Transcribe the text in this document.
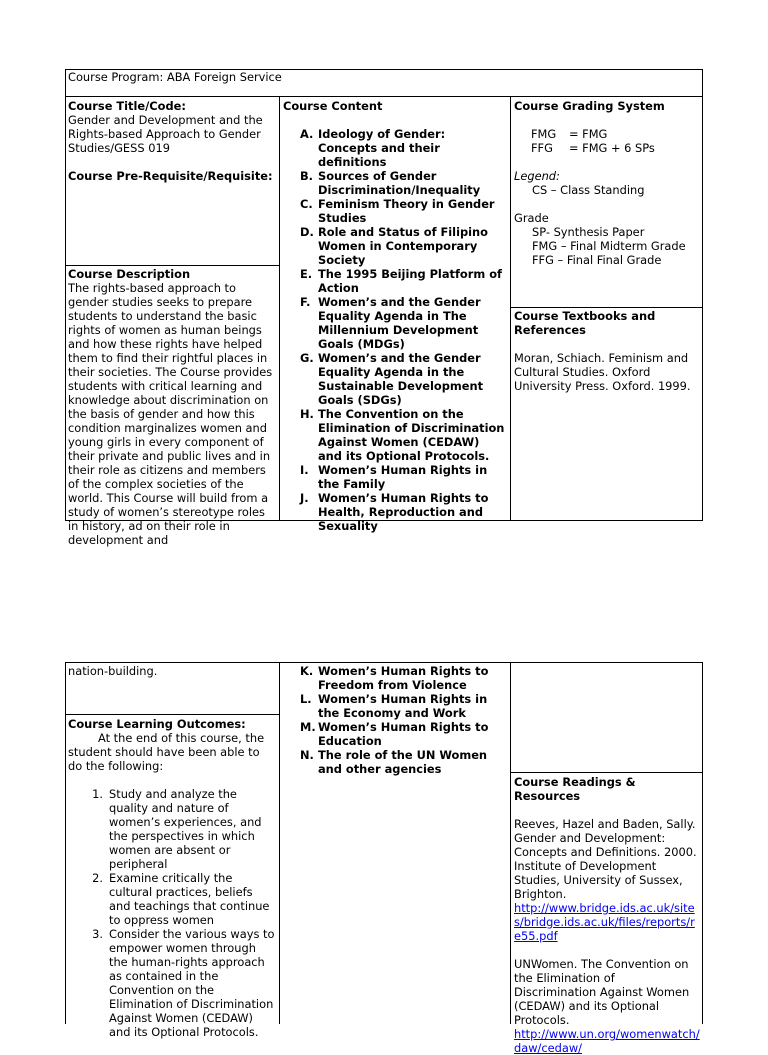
Course Program: ABA Foreign Service

Course Title/Code:

Gender and Development and the Rights-based Approach to Gender Studies/GESS 019

Course Pre-Requisite/Requisite:

Course Description

The rights-based approach to gender studies seeks to prepare students to understand the basic rights of women as human beings and how these rights have helped them to find their rightful places in their societies. The Course provides students with critical learning and knowledge about discrimination on the basis of gender and how this condition marginalizes women and young girls in every component of their private and public lives and in their role as citizens and members of the complex societies of the world. This Course will build from a study of women’s stereotype roles in history, ad on their role in development and

Course Content

A. Ideology of Gender: Concepts and their definitions
B. Sources of Gender Discrimination/Inequality
C. Feminism Theory in Gender Studies
D. Role and Status of Filipino Women in Contemporary Society
E. The 1995 Beijing Platform of Action
F. Women’s and the Gender Equality Agenda in The Millennium Development Goals (MDGs)
G. Women’s and the Gender Equality Agenda in the Sustainable Development Goals (SDGs)
H. The Convention on the Elimination of Discrimination Against Women (CEDAW) and its Optional Protocols.
I. Women’s Human Rights in the Family
J. Women’s Human Rights to Health, Reproduction and Sexuality

Course Grading System

FMG	= FMG
FFG	= FMG + 6 SPs

Legend:

CS – Class Standing

Grade

SP- Synthesis Paper

FMG – Final Midterm Grade

FFG – Final Final Grade

Course Textbooks and References

Moran, Schiach. Feminism and Cultural Studies. Oxford University Press. Oxford. 1999.

nation-building.

Course Learning Outcomes:

At the end of this course, the student should have been able to do the following:

1. Study and analyze the quality and nature of women’s experiences, and the perspectives in which women are absent or peripheral
2. Examine critically the cultural practices, beliefs and teachings that continue to oppress women
3. Consider the various ways to empower women through the human-rights approach as contained in the Convention on the Elimination of Discrimination Against Women (CEDAW) and its Optional Protocols.
K. Women’s Human Rights to Freedom from Violence
L. Women’s Human Rights in the Economy and Work
M. Women’s Human Rights to Education
N. The role of the UN Women and other agencies

Course Readings & Resources

Reeves, Hazel and Baden, Sally. Gender and Development: Concepts and Definitions. 2000. Institute of Development Studies, University of Sussex, Brighton.

http://www.bridge.ids.ac.uk/sites/bridge.ids.ac.uk/files/reports/re55.pdf

UNWomen. The Convention on the Elimination of Discrimination Against Women (CEDAW) and its Optional Protocols.

http://www.un.org/womenwatch/daw/cedaw/
